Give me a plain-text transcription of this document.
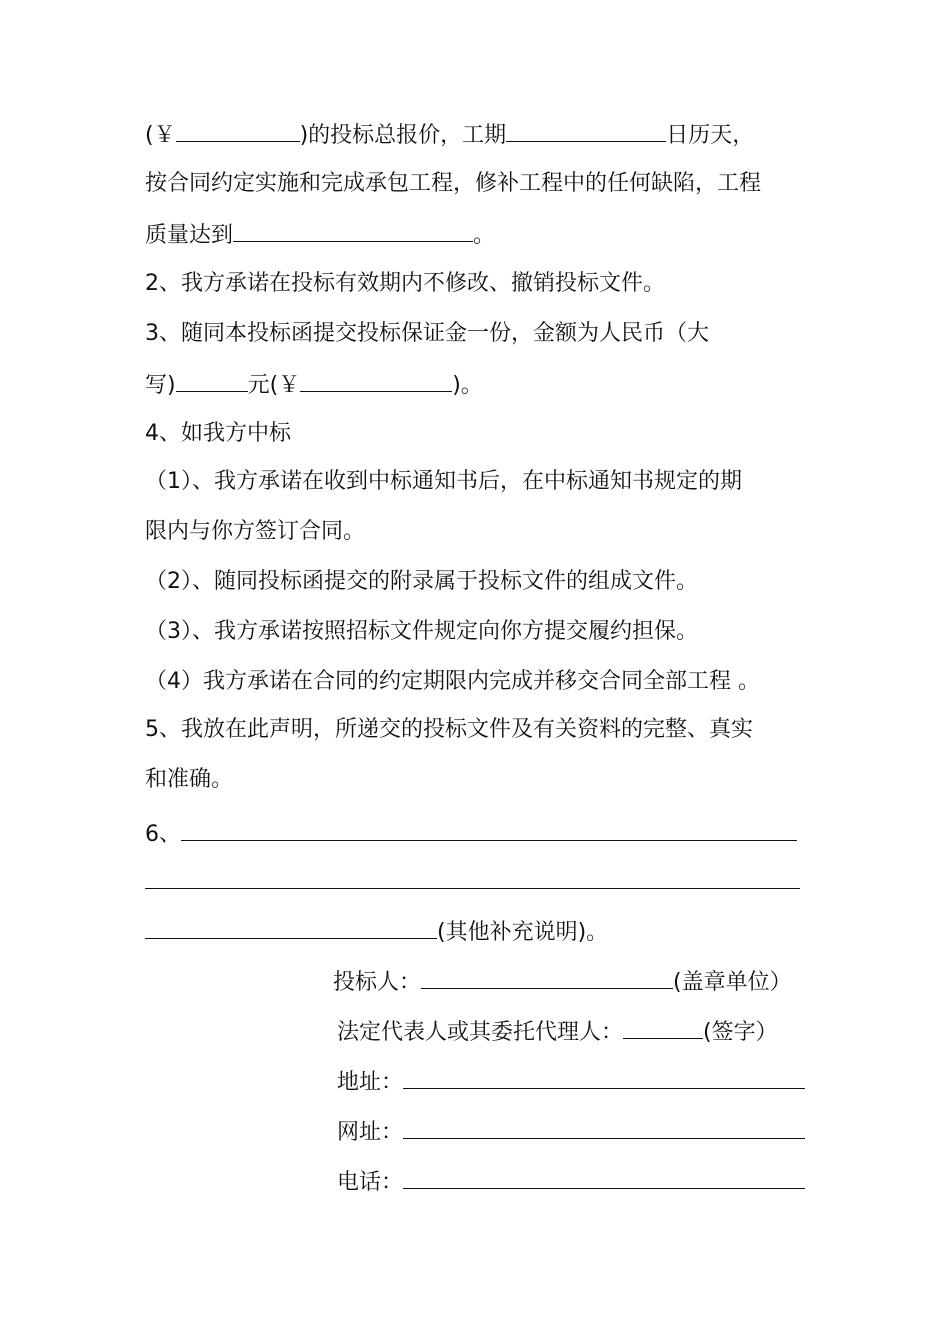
(￥	)的投标总报价，工期	日历天，
按合同约定实施和完成承包工程，修补工程中的任何缺陷，工程
质量达到	。
2、我方承诺在投标有效期内不修改、撤销投标文件。
3、随同本投标函提交投标保证金一份，金额为人民币（大
写)	元(￥	)。
4、如我方中标
（1）、我方承诺在收到中标通知书后，在中标通知书规定的期
限内与你方签订合同。
（2）、随同投标函提交的附录属于投标文件的组成文件。
（3）、我方承诺按照招标文件规定向你方提交履约担保。
（4）我方承诺在合同的约定期限内完成并移交合同全部工程 。
5、我放在此声明，所递交的投标文件及有关资料的完整、真实
和准确。
6、
(其他补充说明)。
投标人：	(盖章单位）
法定代表人或其委托代理人：	(签字）
地址：
网址：
电话：
